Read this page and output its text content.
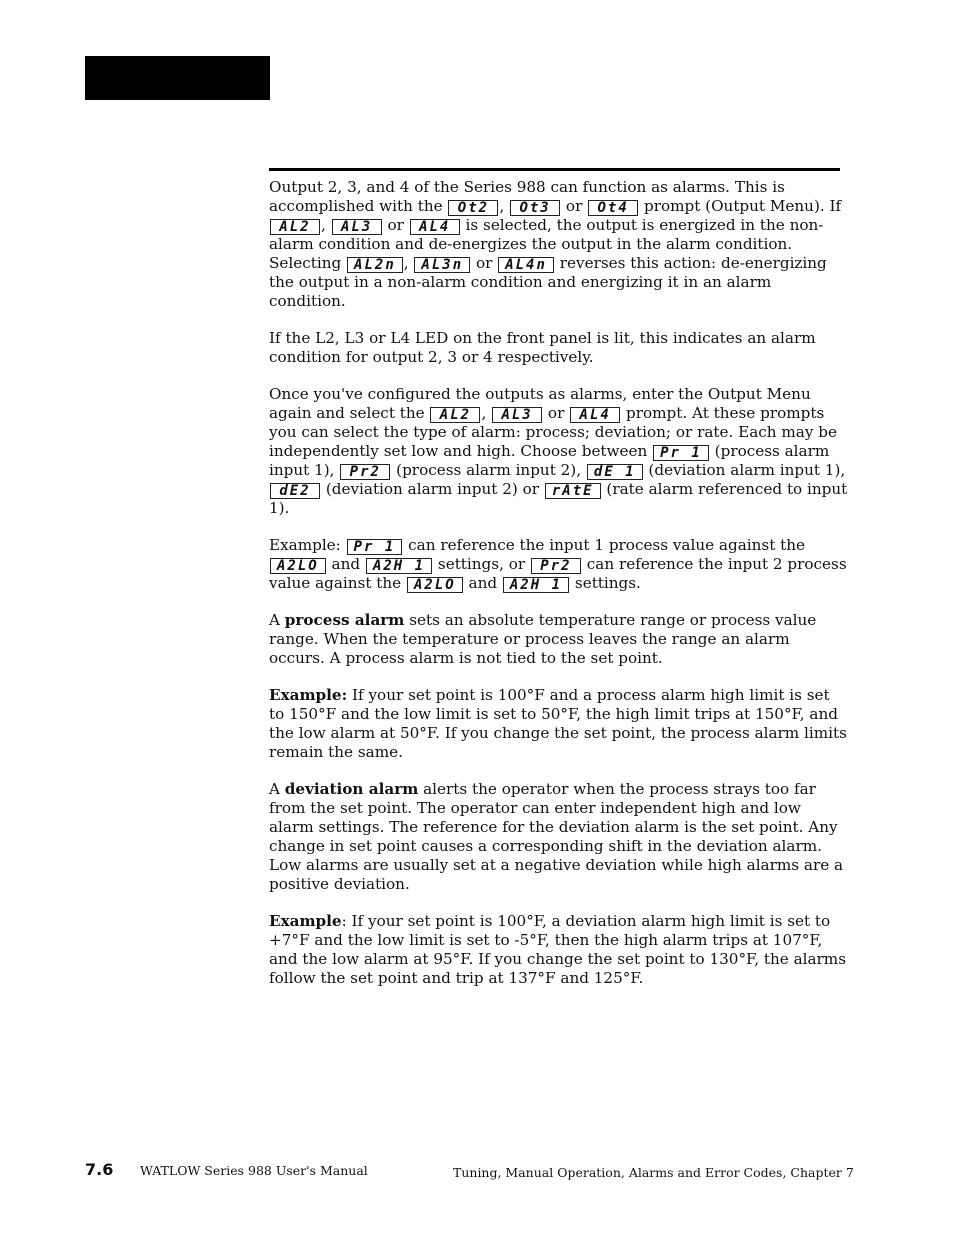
Output 2, 3, and 4 of the Series 988 can function as alarms. This is accomplished with the Ot2 , Ot3 or Ot4 prompt (Output Menu). If AL2 , AL3 or AL4 is selected, the output is energized in the non-alarm condition and de-energizes the output in the alarm condition. Selecting AL2n , AL3n or AL4n reverses this action: de-energizing the output in a non-alarm condition and energizing it in an alarm condition.

If the L2, L3 or L4 LED on the front panel is lit, this indicates an alarm condition for output 2, 3 or 4 respectively.

Once you've configured the outputs as alarms, enter the Output Menu again and select the AL2 , AL3 or AL4 prompt. At these prompts you can select the type of alarm: process; deviation; or rate. Each may be independently set low and high. Choose between Pr 1 (process alarm input 1), Pr2 (process alarm input 2), dE 1 (deviation alarm input 1), dE2 (deviation alarm input 2) or rAtE (rate alarm referenced to input 1).

Example: Pr 1 can reference the input 1 process value against the A2LO and A2H 1 settings, or Pr2 can reference the input 2 process value against the A2LO and A2H 1 settings.

A process alarm sets an absolute temperature range or process value range. When the temperature or process leaves the range an alarm occurs. A process alarm is not tied to the set point.

Example: If your set point is 100°F and a process alarm high limit is set to 150°F and the low limit is set to 50°F, the high limit trips at 150°F, and the low alarm at 50°F. If you change the set point, the process alarm limits remain the same.

A deviation alarm alerts the operator when the process strays too far from the set point. The operator can enter independent high and low alarm settings. The reference for the deviation alarm is the set point. Any change in set point causes a corresponding shift in the deviation alarm. Low alarms are usually set at a negative deviation while high alarms are a positive deviation.

Example: If your set point is 100°F, a deviation alarm high limit is set to +7°F and the low limit is set to -5°F, then the high alarm trips at 107°F, and the low alarm at 95°F. If you change the set point to 130°F, the alarms follow the set point and trip at 137°F and 125°F.

7.6 WATLOW Series 988 User's Manual	Tuning, Manual Operation, Alarms and Error Codes, Chapter 7
